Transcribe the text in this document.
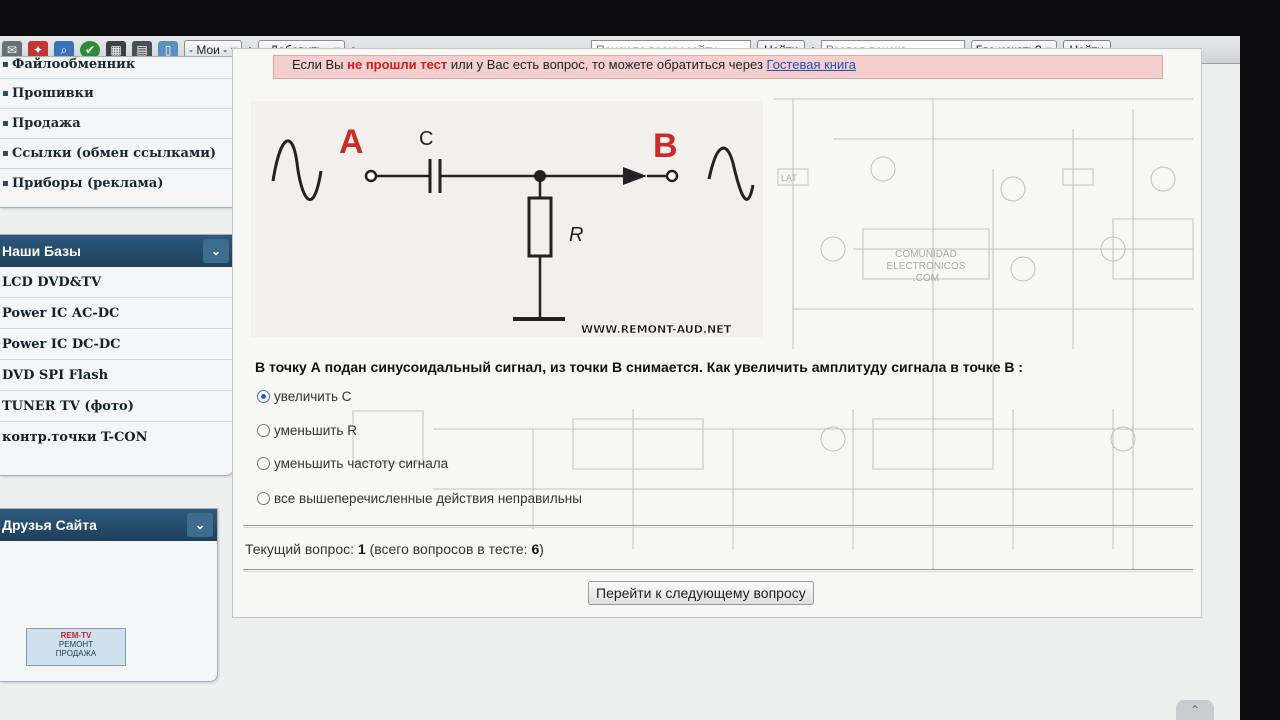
✉	✦	⌕	✔	▦	▤	▯	- Мои -
Поиск по всему сайту
Раздел поиска ⇒
▪ Файлообменник
▪ Прошивки
▪ Продажа
▪ Ссылки (обмен ссылками)
▪ Приборы (реклама)
Наши Базы	⌄
LCD DVD&TV
Power IC AC-DC
Power IC DC-DC
DVD SPI Flash
TUNER TV (фото)
контр.точки T-CON
Друзья Сайта	⌄
REM-TV
РЕМОНТ
ПРОДАЖА
COMUNIDAD
ELECTRONICOS
.COM
LAT
Если Вы не прошли тест или у Вас есть вопрос, то можете обратиться через Гостевая книга
A	C	B
R
WWW.REMONT-AUD.NET
В точку А подан синусоидальный сигнал, из точки В снимается. Как увеличить амплитуду сигнала в точке В :
увеличить С
уменьшить R
уменьшить частоту сигнала
все вышеперечисленные действия неправильны
Текущий вопрос: 1 (всего вопросов в тесте: 6)
Перейти к следующему вопросу
⌃
